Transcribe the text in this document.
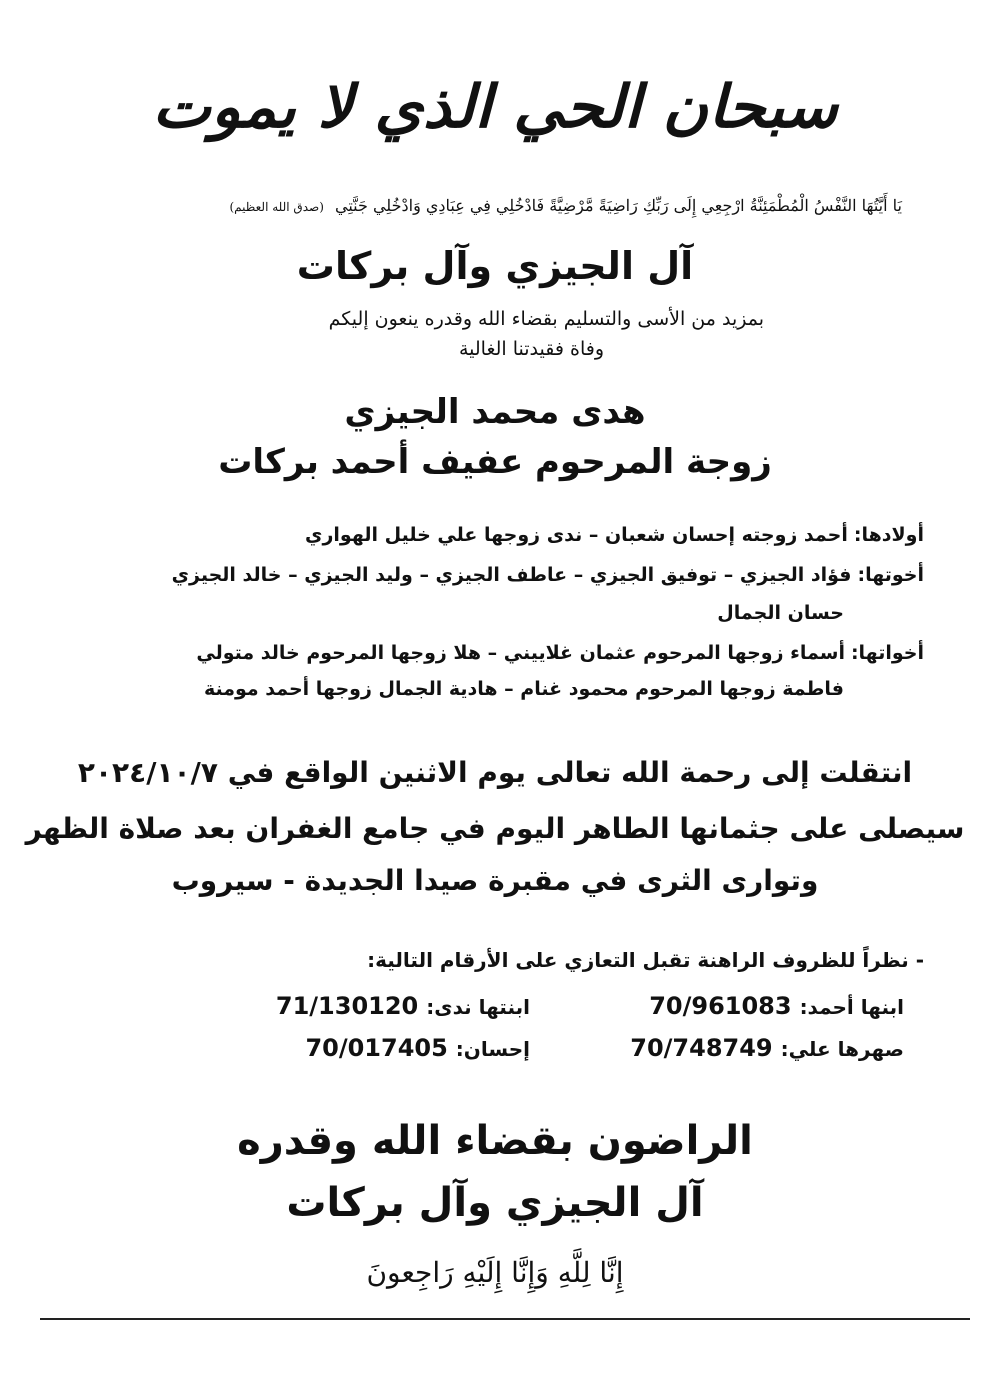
سبحان الحي الذي لا يموت
يَا أَيَّتُهَا النَّفْسُ الْمُطْمَئِنَّةُ ارْجِعِي إِلَى رَبِّكِ رَاضِيَةً مَّرْضِيَّةً فَادْخُلِي فِي عِبَادِي وَادْخُلِي جَنَّتِي (صدق الله العظيم)
آل الجيزي وآل بركات
بمزيد من الأسى والتسليم بقضاء الله وقدره ينعون إليكم
وفاة فقيدتنا الغالية
هدى محمد الجيزي
زوجة المرحوم عفيف أحمد بركات
أولادها:أحمد زوجته إحسان شعبان – ندى زوجها علي خليل الهواري
أخوتها:فؤاد الجيزي – توفيق الجيزي – عاطف الجيزي – وليد الجيزي – خالد الجيزي
حسان الجمال
أخواتها:أسماء زوجها المرحوم عثمان غلاييني – هلا زوجها المرحوم خالد متولي
فاطمة زوجها المرحوم محمود غنام – هادية الجمال زوجها أحمد مومنة
انتقلت إلى رحمة الله تعالى يوم الاثنين الواقع في ٢٠٢٤/١٠/٧
سيصلى على جثمانها الطاهر اليوم في جامع الغفران بعد صلاة الظهر
وتوارى الثرى في مقبرة صيدا الجديدة - سيروب
- نظراً للظروف الراهنة تقبل التعازي على الأرقام التالية:
ابنها أحمد:70/961083
ابنتها ندى:71/130120
صهرها علي:70/748749
إحسان:70/017405
الراضون بقضاء الله وقدره
آل الجيزي وآل بركات
إِنَّا لِلَّهِ وَإِنَّا إِلَيْهِ رَاجِعونَ
